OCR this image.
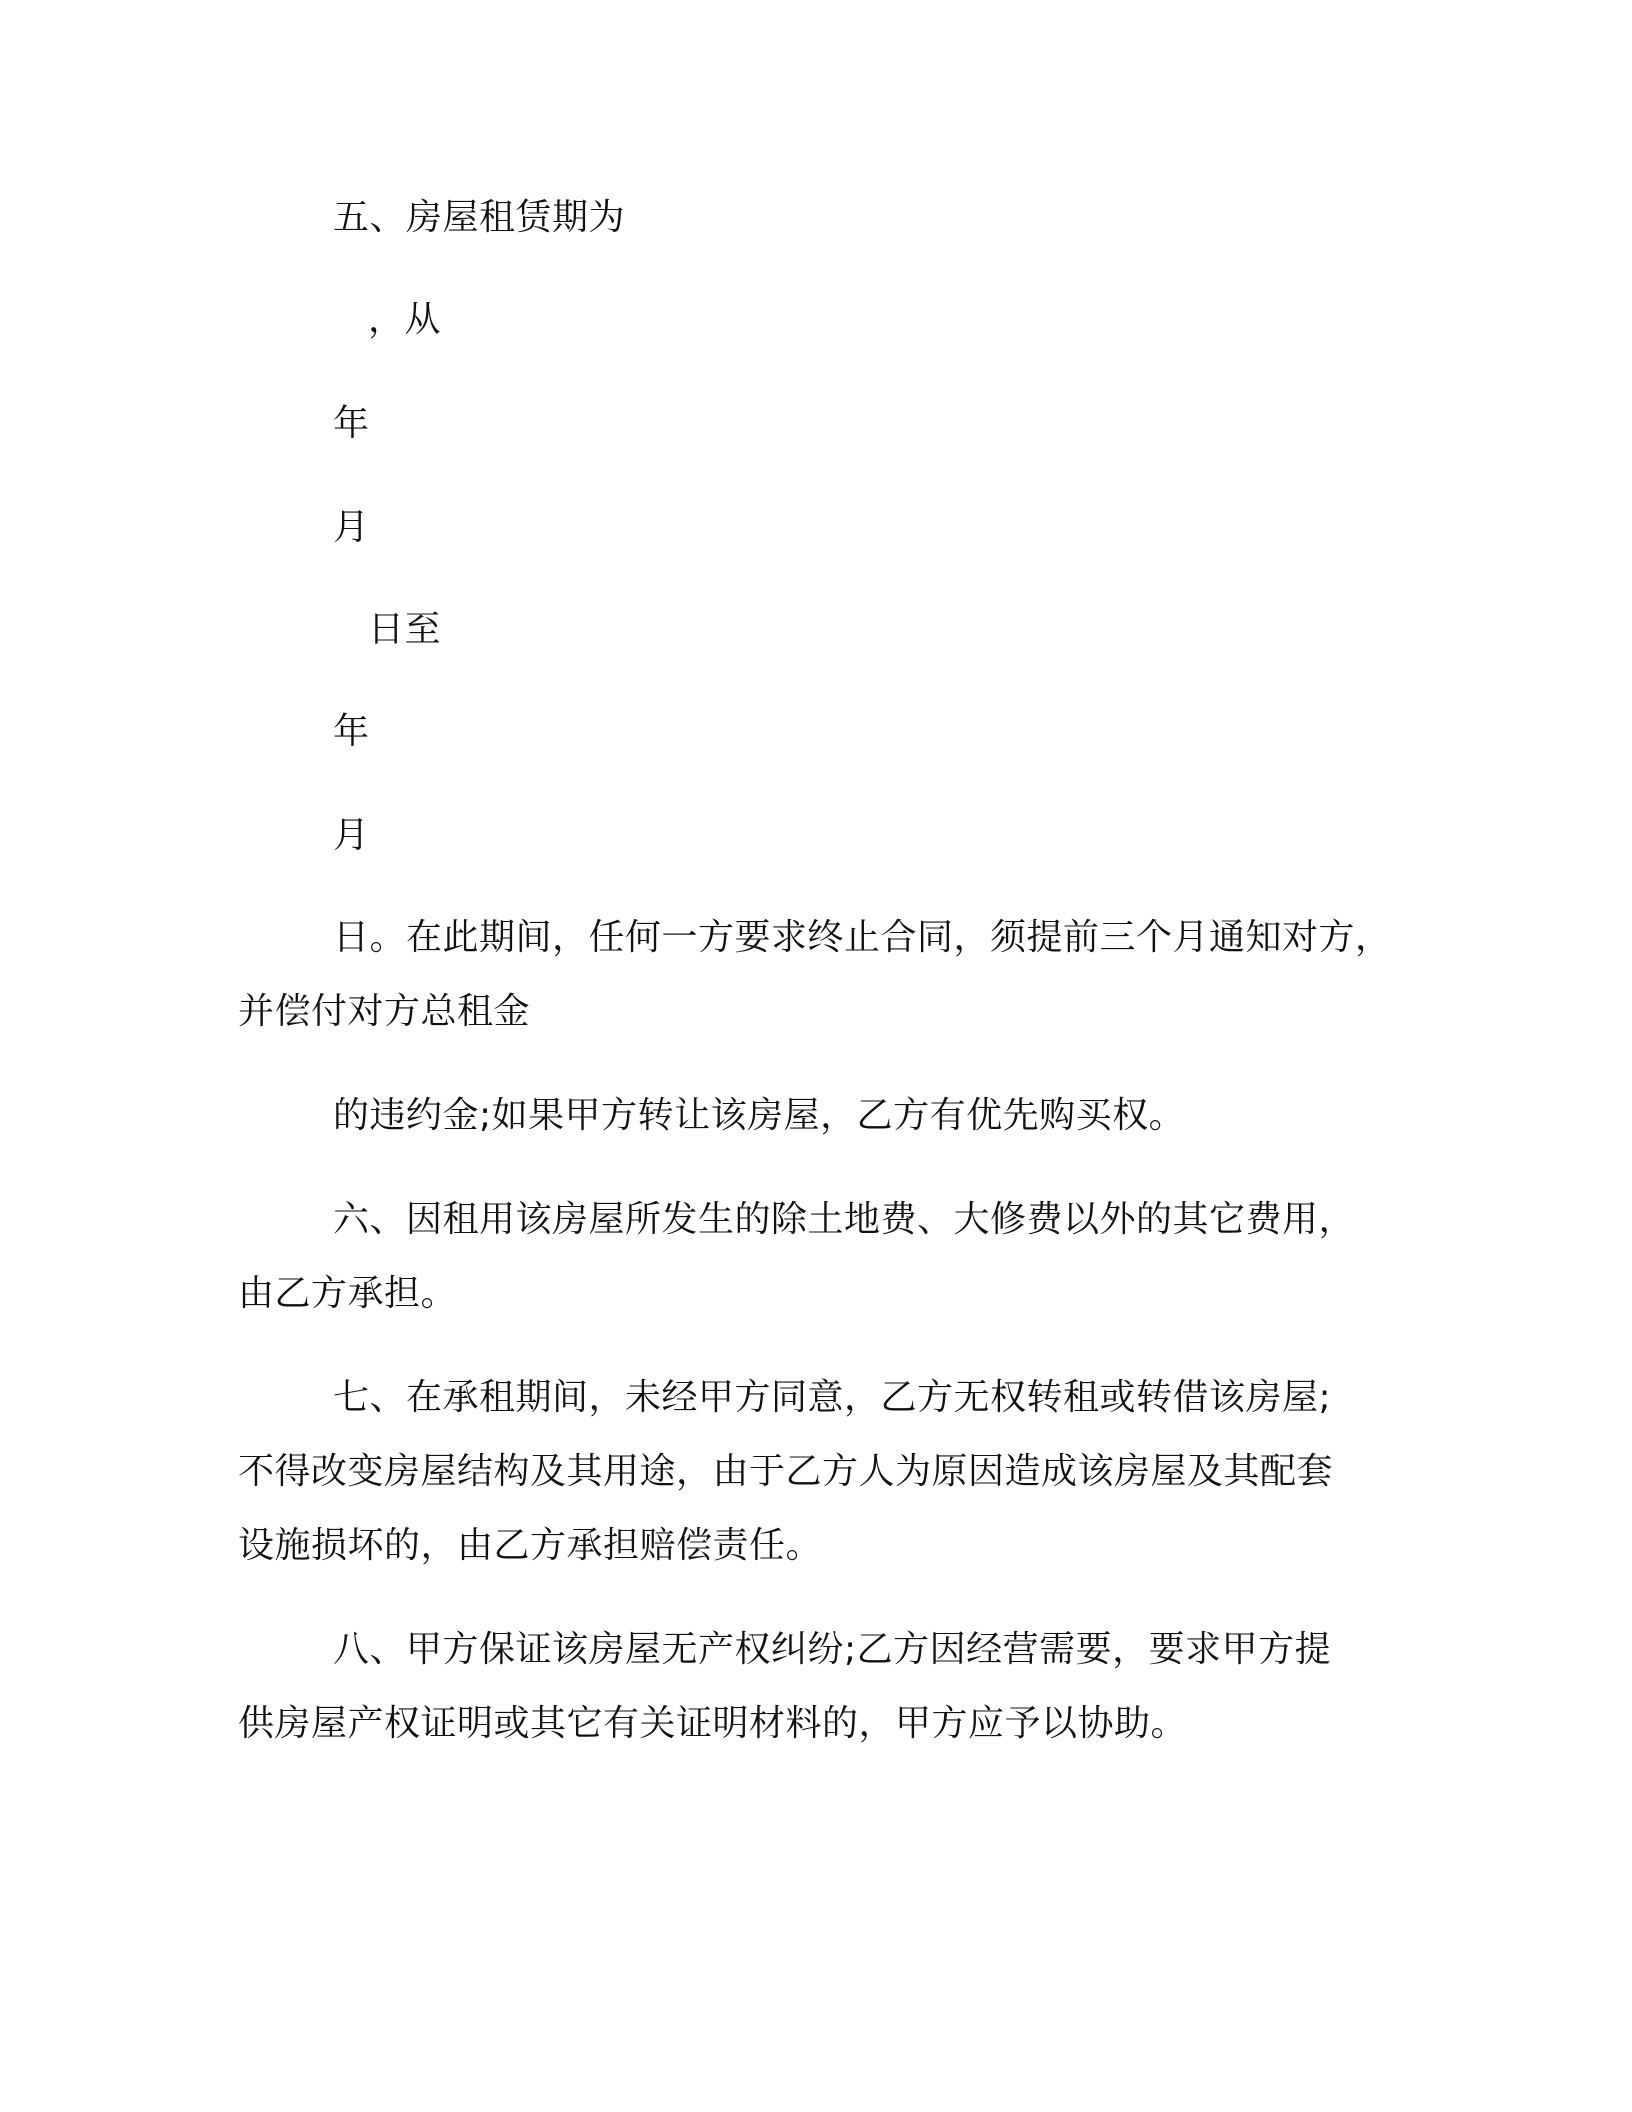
五、房屋租赁期为
，从
年
月
日至
年
月
日。在此期间，任何一方要求终止合同，须提前三个月通知对方，
并偿付对方总租金
的违约金;如果甲方转让该房屋，乙方有优先购买权。
六、因租用该房屋所发生的除土地费、大修费以外的其它费用，
由乙方承担。
七、在承租期间，未经甲方同意，乙方无权转租或转借该房屋;
不得改变房屋结构及其用途，由于乙方人为原因造成该房屋及其配套
设施损坏的，由乙方承担赔偿责任。
八、甲方保证该房屋无产权纠纷;乙方因经营需要，要求甲方提
供房屋产权证明或其它有关证明材料的，甲方应予以协助。
